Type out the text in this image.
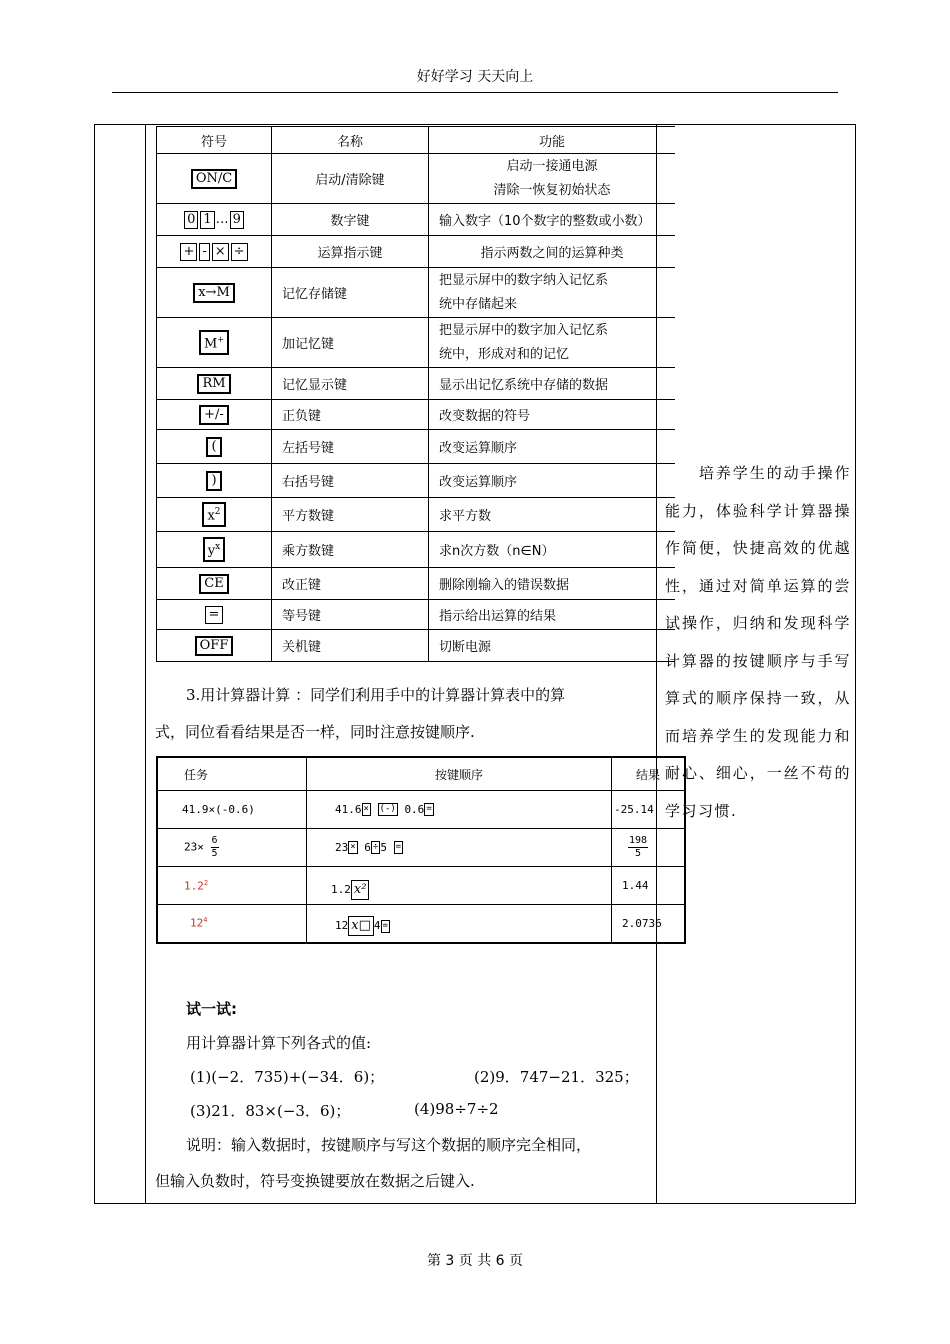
好好学习 天天向上
　　培养学生的动手操作能力，体验科学计算器操作简便，快捷高效的优越性，通过对简单运算的尝试操作，归纳和发现科学计算器的按键顺序与手写算式的顺序保持一致，从而培养学生的发现能力和耐心、细心，一丝不苟的学习习惯.
符号	名称	功能
ON/C	启动/清除键	启动一接通电源
清除一恢复初始状态

0 1 … 9	数字键	输入数字（10个数字的整数或小数）
+ - × ÷	运算指示键	指示两数之间的运算种类
x→M	记忆存储键	把显示屏中的数字纳入记忆系
统中存储起来

M+	加记忆键	把显示屏中的数字加入记忆系
统中，形成对和的记忆

RM	记忆显示键	显示出记忆系统中存储的数据
+/-	正负键	改变数据的符号
(	左括号键	改变运算顺序
)	右括号键	改变运算顺序
$x^2$	平方数键	求平方数
$y^x$	乘方数键	求n次方数（n∈N）
CE	改正键	删除刚输入的错误数据
=	等号键	指示给出运算的结果
OFF	关机键	切断电源
3.用计算器计算 ：同学们利用手中的计算器计算表中的算
式，同位看看结果是否一样，同时注意按键顺序.
任务	按键顺序	结果
41.9×(-0.6)	41.6 × (-) 0.6 =	-25.14
$23\times \frac{6}{5}$	23 × 6 ÷ 5 =	$\frac{198}{5}$
$1.2^2$	1.2 x²	1.44
$12^4$	12 x□ 4 =	2.0736
试一试:
用计算器计算下列各式的值:
(1)(−2．735)+(−34．6)；	(2)9．747−21．325；
(3)21．83×(−3．6)；	(4)98÷7÷2
说明：输入数据时，按键顺序与写这个数据的顺序完全相同，
但输入负数时，符号变换键要放在数据之后键入.
第 3 页 共 6 页
